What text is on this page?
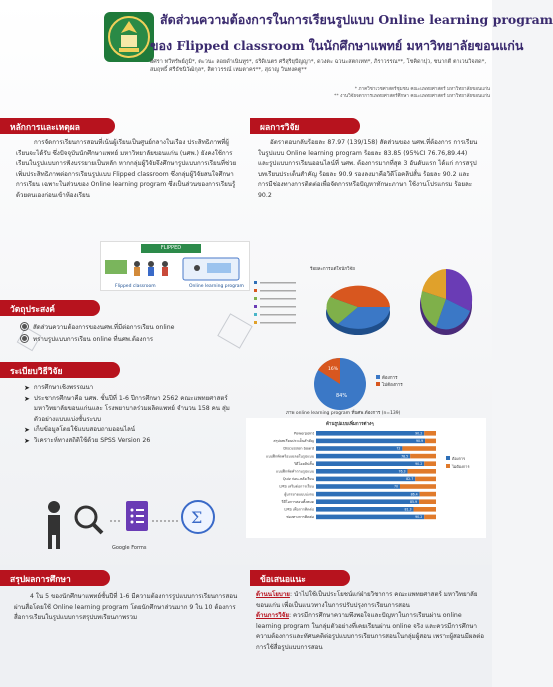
สัดส่วนความต้องการในการเรียนรูปแบบ Online learning program
ของ Flipped classroom ในนักศึกษาแพทย์ มหาวิทยาลัยขอนแก่น
อิศรา ทวีทรัพย์ภูมิ*, ตะวนะ ลอยดำเนินทูร*, ธริดิเนตร ศรีสุริยุปัญญา*, ดวงตะ ฉวนะสตกเทท*, ภิราวรรณ**, โชคิดาปุว, ชนากตี ตาเวนวิจสด*, สมฤทธิ์ ศรีธัชนิวัฒิกุล*, สิตาวรรณ์ เหมตาคร**, สุธาญ วินทงคตู**
* ภาควิชาเวชศาสตร์ชุมชน คณะแพทยศาสตร์ มหาวิทยาลัยขอนแก่น
** งานวิจัยจตาการแพทยศาสตร์ศึกษา คณะแพทยศาสตร์ มหาวิทยาลัยขอนแก่น
หลักการและเหตุผล
การจัดการเรียนการสอนที่เน้นผู้เรียนเป็นศูนย์กลางในเรือง ประสิทธิภาพที่ผู้เรียนจะได้รับ ซึ่งปัจจุบันนักศึกษาแพทย์ มหาวิทยาลัยขอนแก่น (นศพ.) ยังคงใช้การเรียนในรูปแบบการฟังบรรยายเป็นหลัก หากกลุ่มผู้วิจัยจึงศึกษารูปแบบการเรียนที่ช่วยเพิ่มประสิทธิภาพต่อการเรียนรูปแบบ Flipped classroom ซึ่งกลุ่มผู้วิจัยสนใจศึกษาการเรียน เฉพาะในส่วนของ Online learning program ซึ่งเป็นส่วนของการเรียนรู้ด้วยตนเองก่อนเข้าห้องเรียน
FLIPPED
Flipped classroom	Online learning program
วัตถุประสงค์
สัดส่วนความต้องการของนศพ.ที่มีต่อการเรียน online
ทราบรูปแบบการเรียน online ที่นศพ.ต้องการ
ระเบียบวิธีวิจัย
➤ การศึกษาเชิงพรรณนา
➤ ประชากรศึกษาคือ นศพ. ชั้นปีที่ 1-6 ปีการศึกษา 2562 คณะแพทยศาสตร์ มหาวิทยาลัยขอนแก่นและ โรงพยาบาลร่วมผลิตแพทย์ จำนวน 158 คน สุ่มตัวอย่างแบบแบ่งชั้นระบบ
➤ เก็บข้อมูลโดยใช้แบบสอบถามออนไลน์
➤ วิเคราะห์ทางสถิติใช้ด้วย SPSS Version 26
Σ
Google Forms
ผลการวิจัย
อัตราตอบกลับร้อยละ 87.97 (139/158) สัดส่วนของ นศพ.ที่ต้องการ การเรียนในรูปแบบ Online learning program ร้อยละ 83.85 (95%CI 76.76,89.44) และรูปแบบการเรียนออนไลน์ที่ นศพ. ต้องการมากที่สุด 3 อันดับแรก ได้แก่ การสรุปบทเรียนประเด็นสำคัญ ร้อยละ 90.9 รองลงมาคือวิดีโอคลิปสั้น ร้อยละ 90.2 และการมีช่องทางการติดต่อเพื่อจัดการหรือปัญหาทักษะภาษา ใช้งานโปรแกรม ร้อยละ 90.2
ร้อยละการแต่ใจนักวิจัย
ต้องการ
ไม่ต้องการ
84%
16%
ภาพ online learning program ที่นศพ.ต้องการ (n=139)
ด้านรูปแบบเพิ่มการต่างๆ
Powerpoint	90.2
สรุปบทเรียนประเด็นสำคัญ	90.9
Discussion board	72
แบบฝึกหัดพร้อมเฉลยในรูปแบบ	78.5
วิดีโอคลิปสั้น	90.2
แบบฝึกหัดคำถามรูปแบบ	76.3
Quiz ก่อน-หลังเรียน	82.7
LMS เสริมต่อการเรียน	70
ผู้บรรยายแบบบ่งจบ	86.4
วีดีโอการสอนทั้งหมด	85.9
LMS เพื่อการติดต่อ	81.3
ช่องทางการติดต่อ	90.2
ต้องการ
ไม่ต้องการ
สรุปผลการศึกษา
4 ใน 5 ของนักศึกษาแพทย์ชั้นปีที่ 1-6 มีความต้องการรูปแบบการเรียนการสอนผ่านสื่อโดยใช้ Online learning program โดยนักศึกษาส่วนมาก 9 ใน 10 ต้องการสื่อการเรียนในรูปแบบการสรุปบทเรียนภาพรวม
ข้อเสนอแนะ
ด้านนโยบาย: นำไปใช้เป็นประโยชน์แก่ฝ่ายวิชาการ คณะแพทยศาสตร์ มหาวิทยาลัยขอนแก่น เพื่อเป็นแนวทางในการปรับปรุงการเรียนการสอน
ด้านการวิจัย: ควรมีการศึกษาความพึงพอใจและปัญหาในการเรียนผ่าน online learning program ในกลุ่มตัวอย่างที่เคยเรียนผ่าน online จริง และควรมีการศึกษาความต้องการและทัศนคติต่อรูปแบบการเรียนการสอนในกลุ่มผู้สอน เพราะผู้สอนมีผลต่อการใช้สื่อรูปแบบการสอน
